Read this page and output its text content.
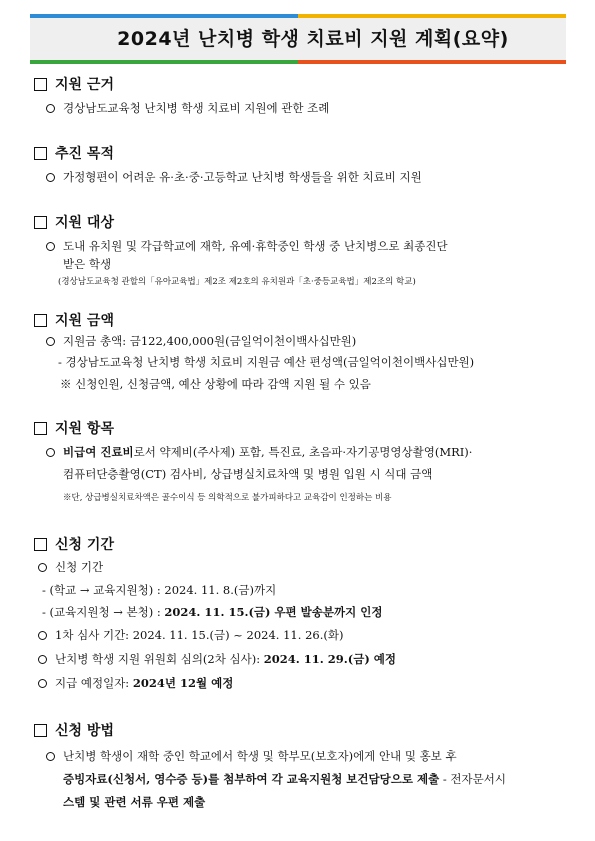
2024년 난치병 학생 치료비 지원 계획(요약)
지원 근거
경상남도교육청 난치병 학생 치료비 지원에 관한 조례
추진 목적
가정형편이 어려운 유·초·중·고등학교 난치병 학생들을 위한 치료비 지원
지원 대상
도내 유치원 및 각급학교에 재학, 유예·휴학중인 학생 중 난치병으로 최종진단
받은 학생
(경상남도교육청 관할의「유아교육법」제2조 제2호의 유치원과「초·중등교육법」제2조의 학교)
지원 금액
지원금 총액: 금122,400,000원(금일억이천이백사십만원)
- 경상남도교육청 난치병 학생 치료비 지원금 예산 편성액(금일억이천이백사십만원)
※ 신청인원, 신청금액, 예산 상황에 따라 감액 지원 될 수 있음
지원 항목
비급여 진료비로서 약제비(주사제) 포함, 특진료, 초음파·자기공명영상촬영(MRI)·
컴퓨터단층촬영(CT) 검사비, 상급병실치료차액 및 병원 입원 시 식대 금액
※단, 상급병실치료차액은 골수이식 등 의학적으로 불가피하다고 교육감이 인정하는 비용
신청 기간
신청 기간
- (학교 → 교육지원청) : 2024. 11. 8.(금)까지
- (교육지원청 → 본청) : 2024. 11. 15.(금) 우편 발송분까지 인정
1차 심사 기간: 2024. 11. 15.(금) ~ 2024. 11. 26.(화)
난치병 학생 지원 위원회 심의(2차 심사): 2024. 11. 29.(금) 예정
지급 예정일자: 2024년 12월 예정
신청 방법
난치병 학생이 재학 중인 학교에서 학생 및 학부모(보호자)에게 안내 및 홍보 후
증빙자료(신청서, 영수증 등)를 첨부하여 각 교육지원청 보건담당으로 제출 - 전자문서시
스템 및 관련 서류 우편 제출
